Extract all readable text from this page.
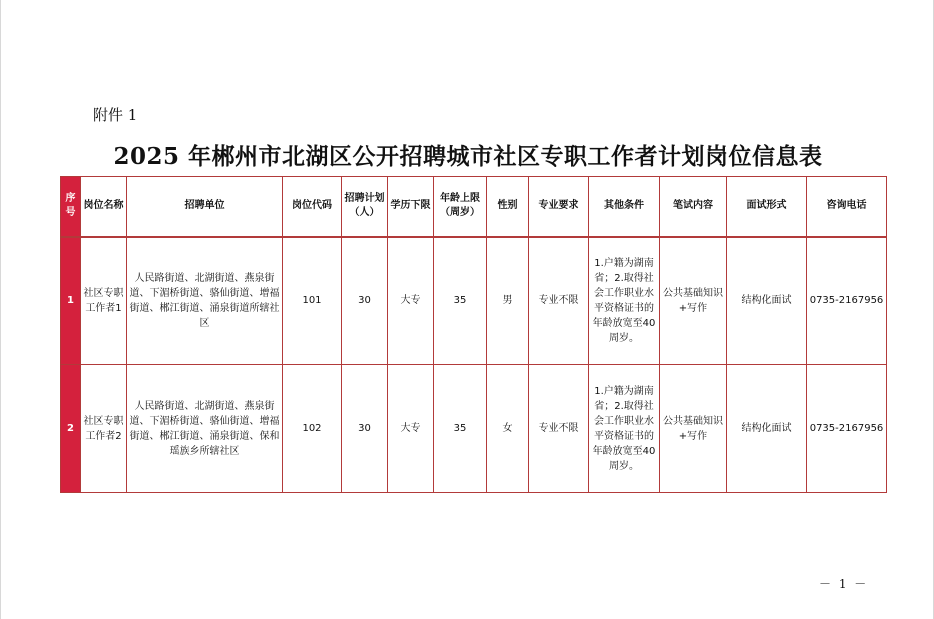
附件 1
2025 年郴州市北湖区公开招聘城市社区专职工作者计划岗位信息表
序号	岗位名称	招聘单位	岗位代码	招聘计划（人）	学历下限	年龄上限（周岁）	性别	专业要求	其他条件	笔试内容	面试形式	咨询电话
1	社区专职工作者1	人民路街道、北湖街道、燕泉街道、下湄桥街道、骆仙街道、增福街道、郴江街道、涌泉街道所辖社区	101	30	大专	35	男	专业不限	1.户籍为湖南省；2.取得社会工作职业水平资格证书的年龄放宽至40周岁。	公共基础知识+写作	结构化面试	0735-2167956
2	社区专职工作者2	人民路街道、北湖街道、燕泉街道、下湄桥街道、骆仙街道、增福街道、郴江街道、涌泉街道、保和瑶族乡所辖社区	102	30	大专	35	女	专业不限	1.户籍为湖南省；2.取得社会工作职业水平资格证书的年龄放宽至40周岁。	公共基础知识+写作	结构化面试	0735-2167956
－ 1 －
